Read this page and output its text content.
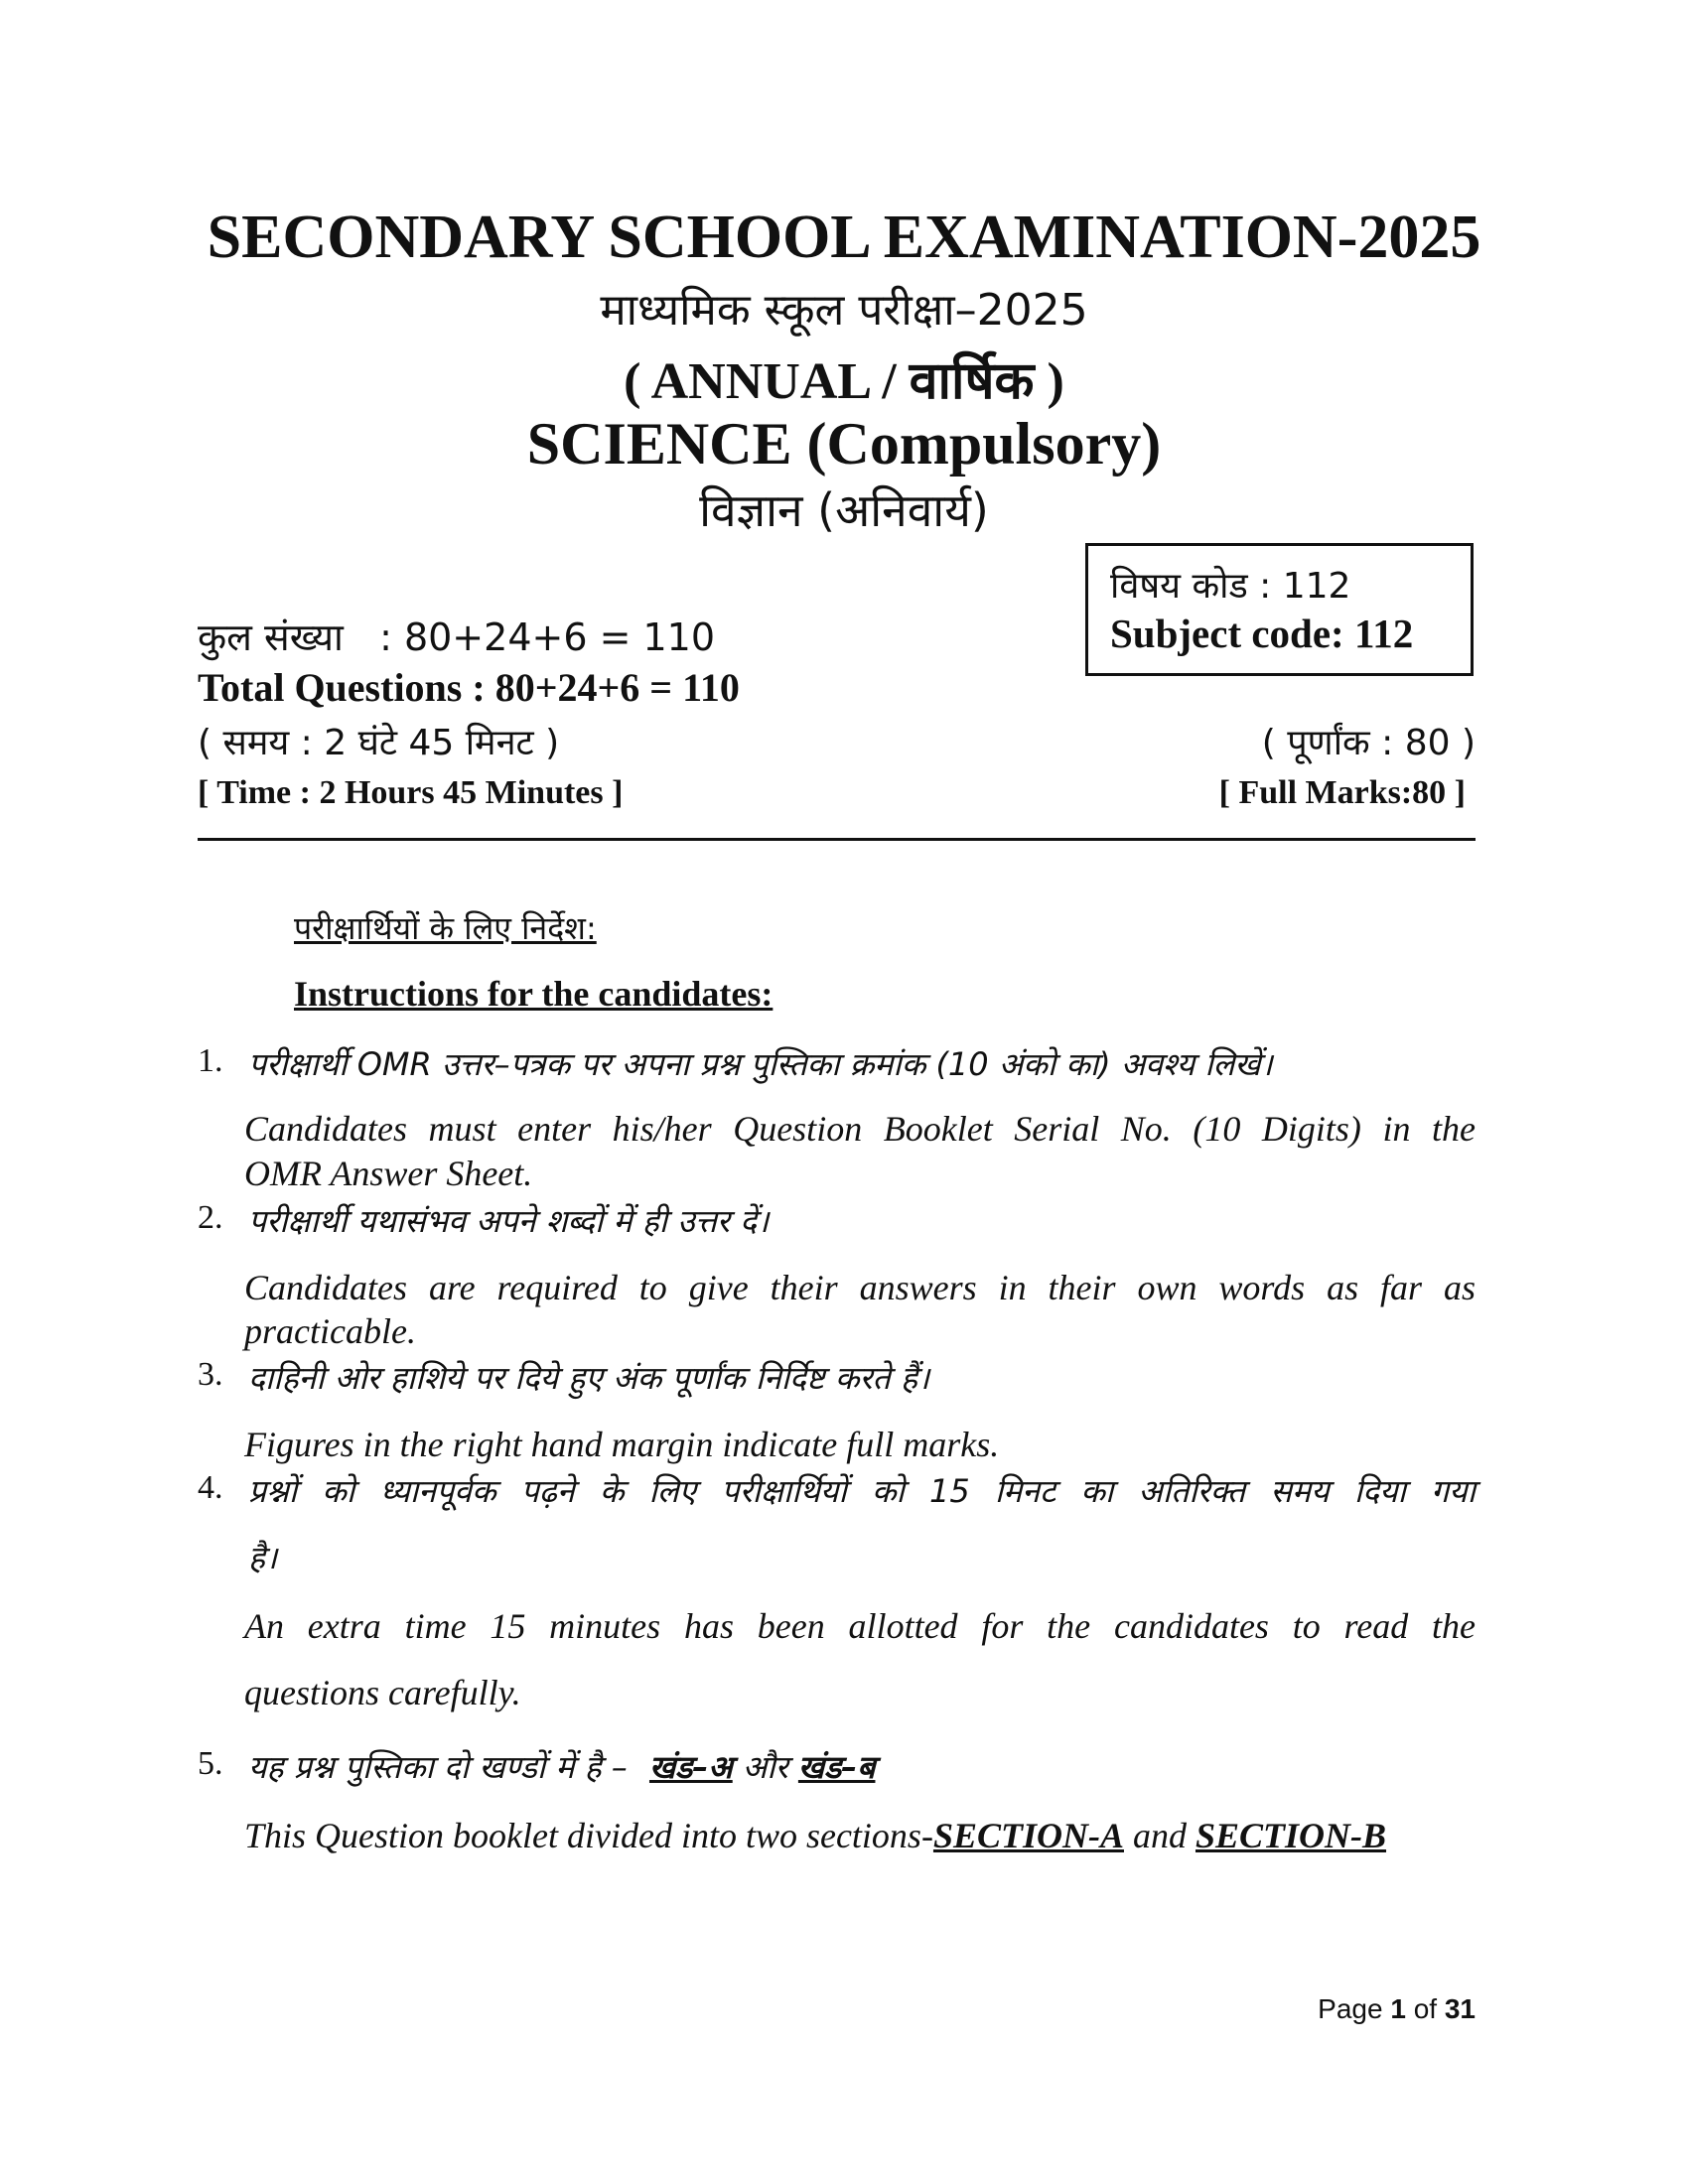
SECONDARY SCHOOL EXAMINATION-2025
माध्यमिक स्कूल परीक्षा–2025
( ANNUAL / वार्षिक )
SCIENCE (Compulsory)
विज्ञान (अनिवार्य)
विषय कोड : 112
Subject code: 112
कुल संख्या   : 80+24+6 = 110
Total Questions : 80+24+6 = 110
( समय : 2 घंटे 45 मिनट )
[ Time : 2 Hours 45 Minutes ]
( पूर्णांक : 80 )
[ Full Marks:80 ]
परीक्षार्थियों के लिए निर्देश:
Instructions for the candidates:
1. परीक्षार्थी OMR उत्तर–पत्रक पर अपना प्रश्न पुस्तिका क्रमांक (10 अंको का) अवश्य लिखें।
Candidates must enter his/her Question Booklet Serial No. (10 Digits) in the
OMR Answer Sheet.
2. परीक्षार्थी यथासंभव अपने शब्दों में ही उत्तर दें।
Candidates are required to give their answers in their own words as far as
practicable.
3. दाहिनी ओर हाशिये पर दिये हुए अंक पूर्णांक निर्दिष्ट करते हैं।
Figures in the right hand margin indicate full marks.
4. प्रश्नों को ध्यानपूर्वक पढ़ने के लिए परीक्षार्थियों को 15 मिनट का अतिरिक्त समय दिया गया
है।
An extra time 15 minutes has been allotted for the candidates to read the
questions carefully.
5. यह प्रश्न पुस्तिका दो खण्डों में है – खंड–अ और खंड–ब
This Question booklet divided into two sections-SECTION-A and SECTION-B
Page 1 of 31
